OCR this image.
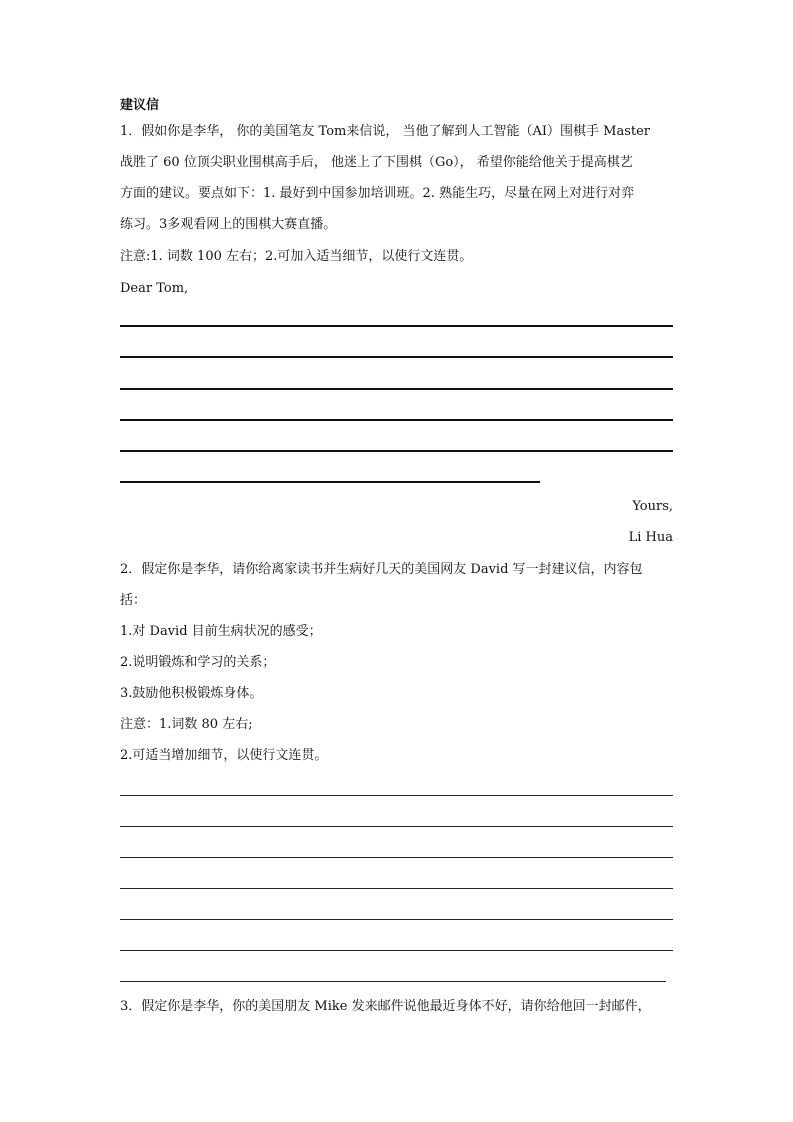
建议信
1．假如你是李华， 你的美国笔友 Tom来信说， 当他了解到人工智能（AI）围棋手 Master
战胜了 60 位顶尖职业围棋高手后， 他迷上了下围棋（Go）， 希望你能给他关于提高棋艺
方面的建议。要点如下：1. 最好到中国参加培训班。2. 熟能生巧，尽量在网上对进行对弈
练习。3多观看网上的围棋大赛直播。
注意:1. 词数 100 左右；2.可加入适当细节，以使行文连贯。
Dear Tom,
Yours,
Li Hua
2．假定你是李华，请你给离家读书并生病好几天的美国网友 David 写一封建议信，内容包
括：
1.对 David 目前生病状况的感受；
2.说明锻炼和学习的关系；
3.鼓励他积极锻炼身体。
注意：1.词数 80 左右;
2.可适当增加细节，以使行文连贯。
3．假定你是李华，你的美国朋友 Mike 发来邮件说他最近身体不好，请你给他回一封邮件，
